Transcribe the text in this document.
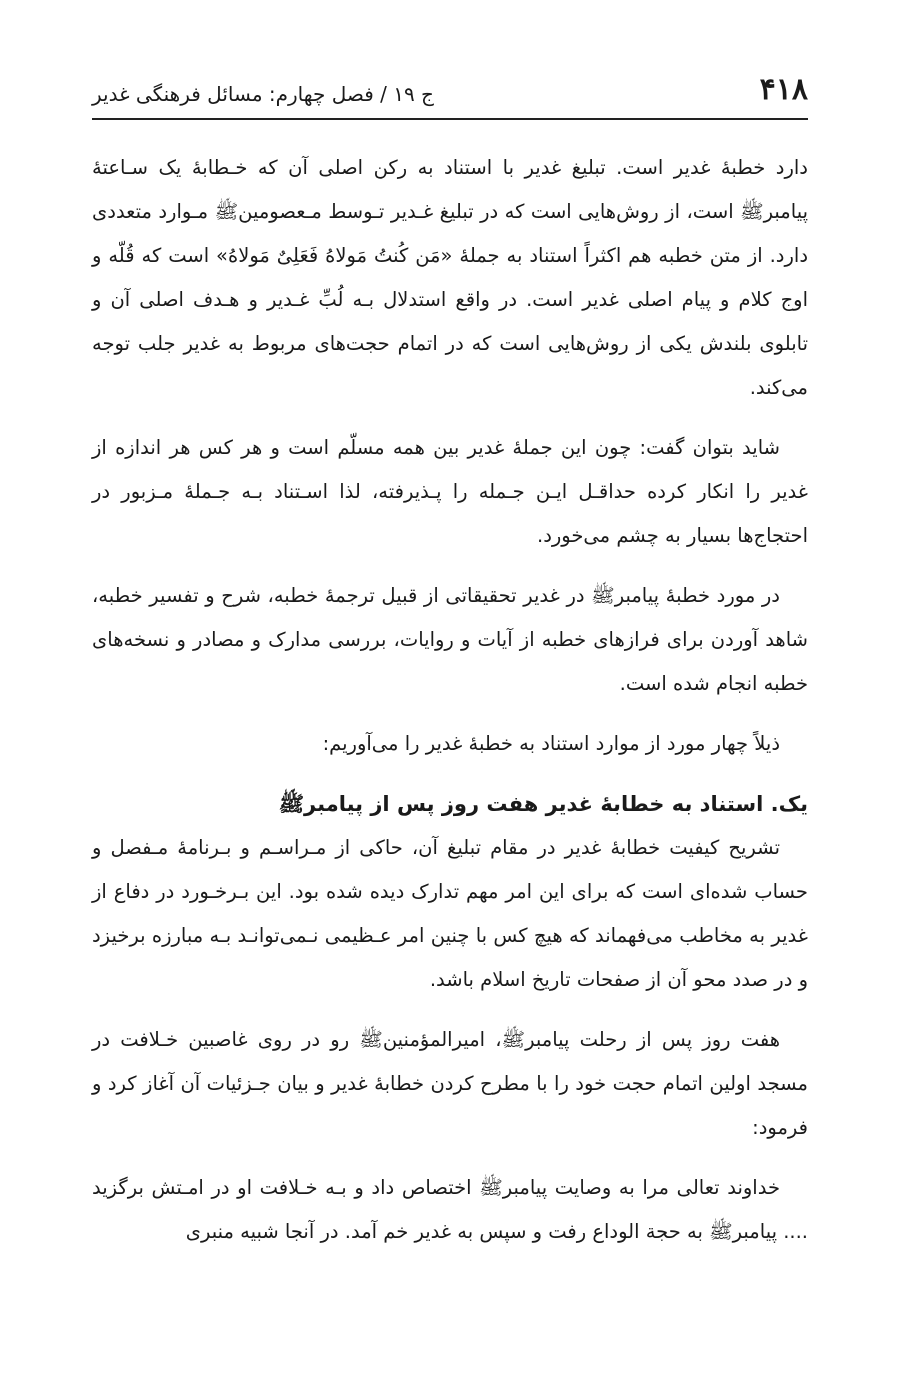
۴۱۸
ج ۱۹ / فصل چهارم: مسائل فرهنگی غدیر

دارد خطبهٔ غدیر است. تبلیغ غدیر با استناد به رکن اصلی آن که خـطابهٔ یک سـاعتهٔ پیامبرﷺ است، از روش‌هایی است که در تبلیغ غـدیر تـوسط مـعصومین‌ﷺ مـوارد متعددی دارد. از متن خطبه هم اکثراً استناد به جملهٔ «مَن کُنتُ مَولاهُ فَعَلِیٌ مَولاهُ» است که قُلّه و اوج کلام و پیام اصلی غدیر است. در واقع استدلال بـه لُبِّ غـدیر و هـدف اصلی آن و تابلوی بلندش یکی از روش‌هایی است که در اتمام حجت‌های مربوط به غدیر جلب توجه می‌کند.

شاید بتوان گفت: چون این جملهٔ غدیر بین همه مسلّم است و هر کس هر اندازه از غدیر را انکار کرده حداقـل ایـن جـمله را پـذیرفته، لذا اسـتناد بـه جـملهٔ مـزبور در احتجاج‌ها بسیار به چشم می‌خورد.

در مورد خطبهٔ پیامبرﷺ در غدیر تحقیقاتی از قبیل ترجمهٔ خطبه، شرح و تفسیر خطبه، شاهد آوردن برای فرازهای خطبه از آیات و روایات، بررسی مدارک و مصادر و نسخه‌های خطبه انجام شده است.

ذیلاً چهار مورد از موارد استناد به خطبهٔ غدیر را می‌آوریم:

یک. استناد به خطابهٔ غدیر هفت روز پس از پیامبرﷺ

تشریح کیفیت خطابهٔ غدیر در مقام تبلیغ آن، حاکی از مـراسـم و بـرنامهٔ مـفصل و حساب شده‌ای است که برای این امر مهم تدارک دیده شده بود. این بـرخـورد در دفاع از غدیر به مخاطب می‌فهماند که هیچ کس با چنین امر عـظیمی نـمی‌توانـد بـه مبارزه برخیزد و در صدد محو آن از صفحات تاریخ اسلام باشد.

هفت روز پس از رحلت پیامبرﷺ، امیرالمؤمنین‌ﷺ رو در روی غاصبین خـلافت در مسجد اولین اتمام حجت خود را با مطرح کردن خطابهٔ غدیر و بیان جـزئیات آن آغاز کرد و فرمود:

خداوند تعالی مرا به وصایت پیامبرﷺ اختصاص داد و بـه خـلافت او در امـتش برگزید .... پیامبرﷺ به حجة الوداع رفت و سپس به غدیر خم آمد. در آنجا شبیه منبری
